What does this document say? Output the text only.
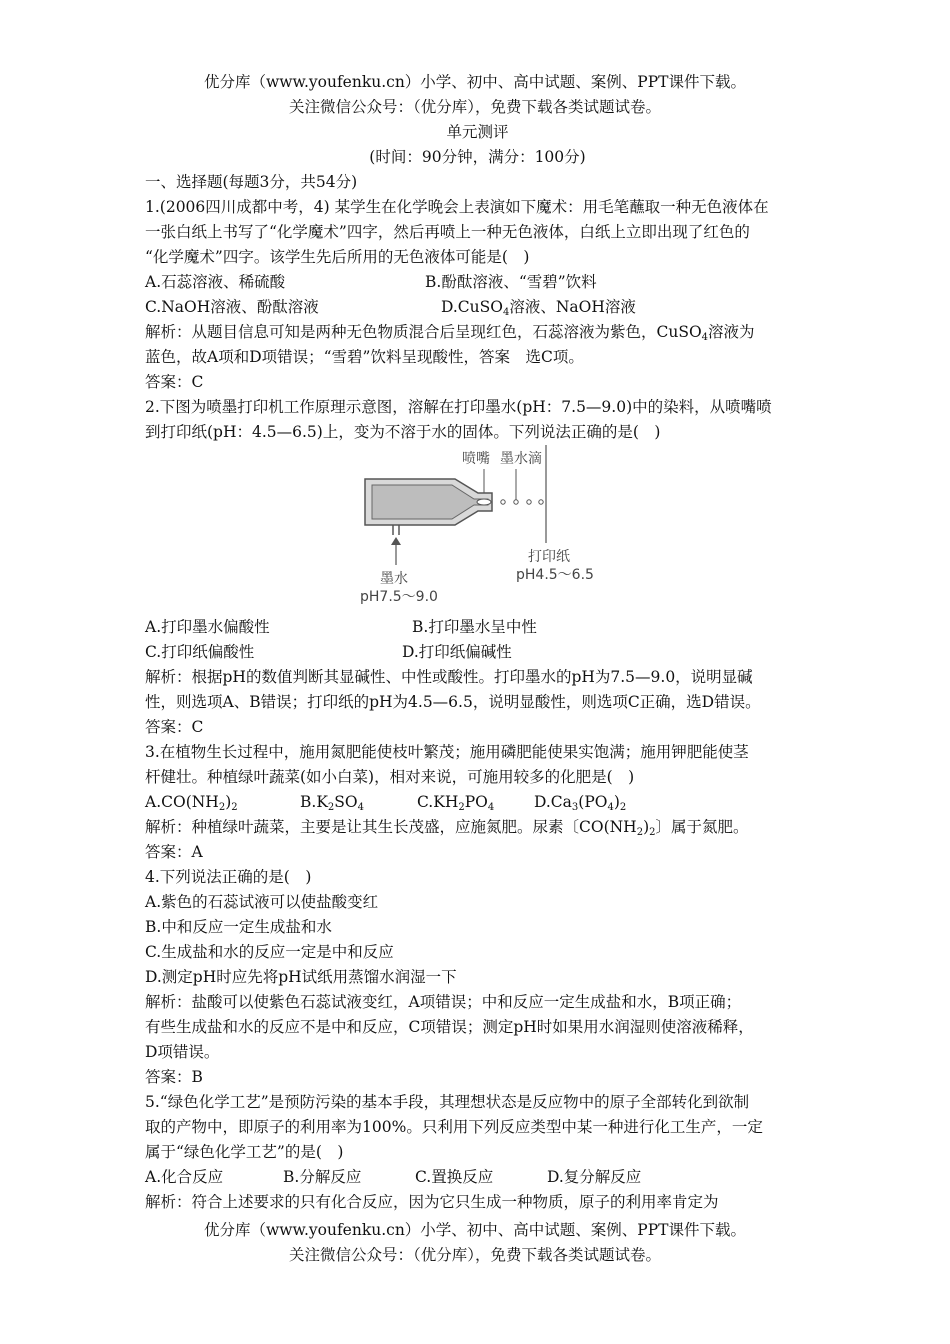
优分库（www.youfenku.cn）小学、初中、高中试题、案例、PPT课件下载。
关注微信公众号：（优分库），免费下载各类试题试卷。
单元测评
(时间：90分钟，满分：100分)
一、选择题(每题3分，共54分)
1.(2006四川成都中考，4) 某学生在化学晚会上表演如下魔术：用毛笔蘸取一种无色液体在
一张白纸上书写了“化学魔术”四字，然后再喷上一种无色液体，白纸上立即出现了红色的
“化学魔术”四字。该学生先后所用的无色液体可能是(　)
A.石蕊溶液、稀硫酸	B.酚酞溶液、“雪碧”饮料
C.NaOH溶液、酚酞溶液	D.CuSO$_4$溶液、NaOH溶液
解析：从题目信息可知是两种无色物质混合后呈现红色，石蕊溶液为紫色，CuSO$_4$溶液为
蓝色，故A项和D项错误；“雪碧”饮料呈现酸性，答案　选C项。
答案：C
2.下图为喷墨打印机工作原理示意图，溶解在打印墨水(pH：7.5—9.0)中的染料，从喷嘴喷
到打印纸(pH：4.5—6.5)上，变为不溶于水的固体。下列说法正确的是(　)
喷嘴 墨水滴
墨水
pH7.5～9.0
打印纸
pH4.5～6.5
A.打印墨水偏酸性	B.打印墨水呈中性
C.打印纸偏酸性	D.打印纸偏碱性
解析：根据pH的数值判断其显碱性、中性或酸性。打印墨水的pH为7.5—9.0，说明显碱
性，则选项A、B错误；打印纸的pH为4.5—6.5，说明显酸性，则选项C正确，选D错误。
答案：C
3.在植物生长过程中，施用氮肥能使枝叶繁茂；施用磷肥能使果实饱满；施用钾肥能使茎
杆健壮。种植绿叶蔬菜(如小白菜)，相对来说，可施用较多的化肥是(　)
$A.CO(NH_2)_2$	$B.K_2SO_4$	$C.KH_2PO_4$	$D.Ca_3(PO_4)_2$
解析：种植绿叶蔬菜，主要是让其生长茂盛，应施氮肥。尿素〔$CO(NH_2)_2$〕属于氮肥。
答案：A
4.下列说法正确的是(　)
A.紫色的石蕊试液可以使盐酸变红
B.中和反应一定生成盐和水
C.生成盐和水的反应一定是中和反应
D.测定pH时应先将pH试纸用蒸馏水润湿一下
解析：盐酸可以使紫色石蕊试液变红，A项错误；中和反应一定生成盐和水，B项正确；
有些生成盐和水的反应不是中和反应，C项错误；测定pH时如果用水润湿则使溶液稀释，
D项错误。
答案：B
5.“绿色化学工艺”是预防污染的基本手段，其理想状态是反应物中的原子全部转化到欲制
取的产物中，即原子的利用率为100%。只利用下列反应类型中某一种进行化工生产，一定
属于“绿色化学工艺”的是(　)
A.化合反应	B.分解反应	C.置换反应	D.复分解反应
解析：符合上述要求的只有化合反应，因为它只生成一种物质，原子的利用率肯定为
优分库（www.youfenku.cn）小学、初中、高中试题、案例、PPT课件下载。
关注微信公众号：（优分库），免费下载各类试题试卷。
